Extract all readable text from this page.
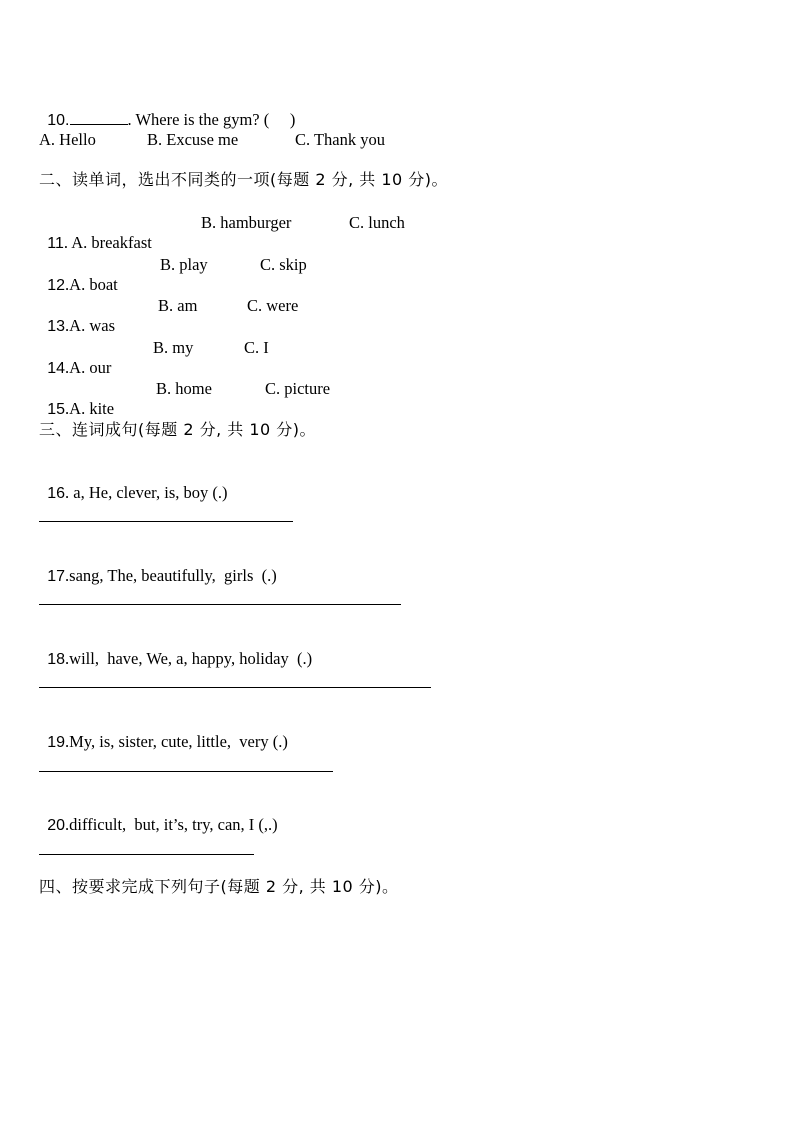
10.	. Where is the gym? (     )

A. Hello

	B. Excuse me

	C. Thank you

二、读单词，选出不同类的一项(每题 2 分, 共 10 分)。

11. A. breakfast

B. hamburger

	C. lunch

12.A. boat

B. play

	C. skip

13.A. was

B. am

	C. were

14.A. our

B. my

	C. I

15.A. kite

B. home

	C. picture

三、连词成句(每题 2 分, 共 10 分)。

16. a, He, clever, is, boy (.)

17.sang, The, beautifully,  girls  (.)

18.will,  have, We, a, happy, holiday  (.)

19.My, is, sister, cute, little,  very (.)

20.difficult,  but, it’s, try, can, I (,.)

四、按要求完成下列句子(每题 2 分, 共 10 分)。
